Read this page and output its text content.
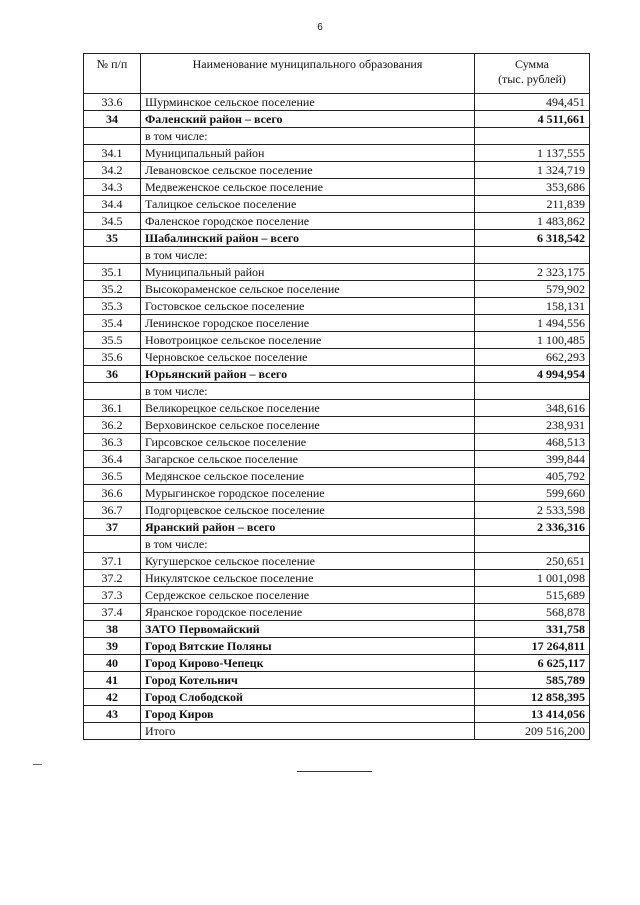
6
№ п/п	Наименование муниципального образования	Сумма
(тыс. рублей)
33.6	Шурминское сельское поселение	494,451
34	Фаленский район – всего	4 511,661
	в том числе:	
34.1	Муниципальный район	1 137,555
34.2	Левановское сельское поселение	1 324,719
34.3	Медвеженское сельское поселение	353,686
34.4	Талицкое сельское поселение	211,839
34.5	Фаленское городское поселение	1 483,862
35	Шабалинский район – всего	6 318,542
	в том числе:	
35.1	Муниципальный район	2 323,175
35.2	Высокораменское сельское поселение	579,902
35.3	Гостовское сельское поселение	158,131
35.4	Ленинское городское поселение	1 494,556
35.5	Новотроицкое сельское поселение	1 100,485
35.6	Черновское сельское поселение	662,293
36	Юрьянский район – всего	4 994,954
	в том числе:	
36.1	Великорецкое сельское поселение	348,616
36.2	Верховинское сельское поселение	238,931
36.3	Гирсовское сельское поселение	468,513
36.4	Загарское сельское поселение	399,844
36.5	Медянское сельское поселение	405,792
36.6	Мурыгинское городское поселение	599,660
36.7	Подгорцевское сельское поселение	2 533,598
37	Яранский район – всего	2 336,316
	в том числе:	
37.1	Кугушерское сельское поселение	250,651
37.2	Никулятское сельское поселение	1 001,098
37.3	Сердежское сельское поселение	515,689
37.4	Яранское городское поселение	568,878
38	ЗАТО Первомайский	331,758
39	Город Вятские Поляны	17 264,811
40	Город Кирово-Чепецк	6 625,117
41	Город Котельнич	585,789
42	Город Слободской	12 858,395
43	Город Киров	13 414,056
	Итого	209 516,200
